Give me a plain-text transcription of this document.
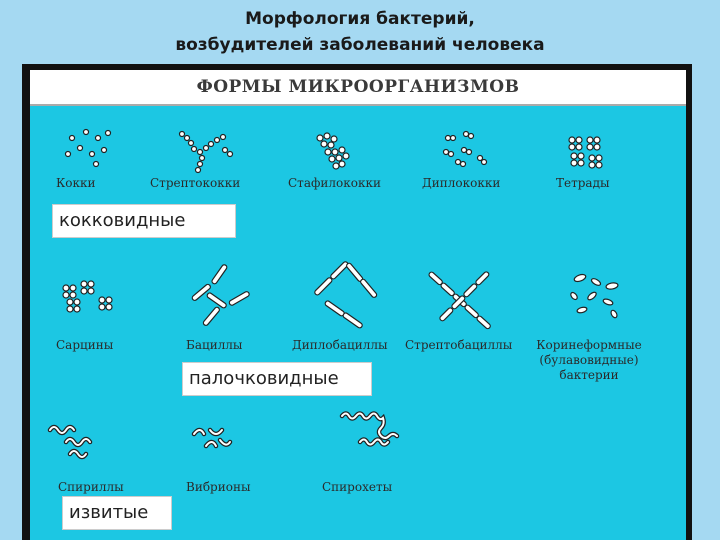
Морфология бактерий,
возбудителей заболеваний человека
ФОРМЫ МИКРООРГАНИЗМОВ
Кокки	Стрептококки	Стафилококки	Диплококки	Тетрады
Сарцины	Бациллы	Диплобациллы Стрептобациллы	Коринеформные
(булавовидные)
бактерии
Спириллы	Вибрионы	Спирохеты
кокковидные
палочковидные
извитые
